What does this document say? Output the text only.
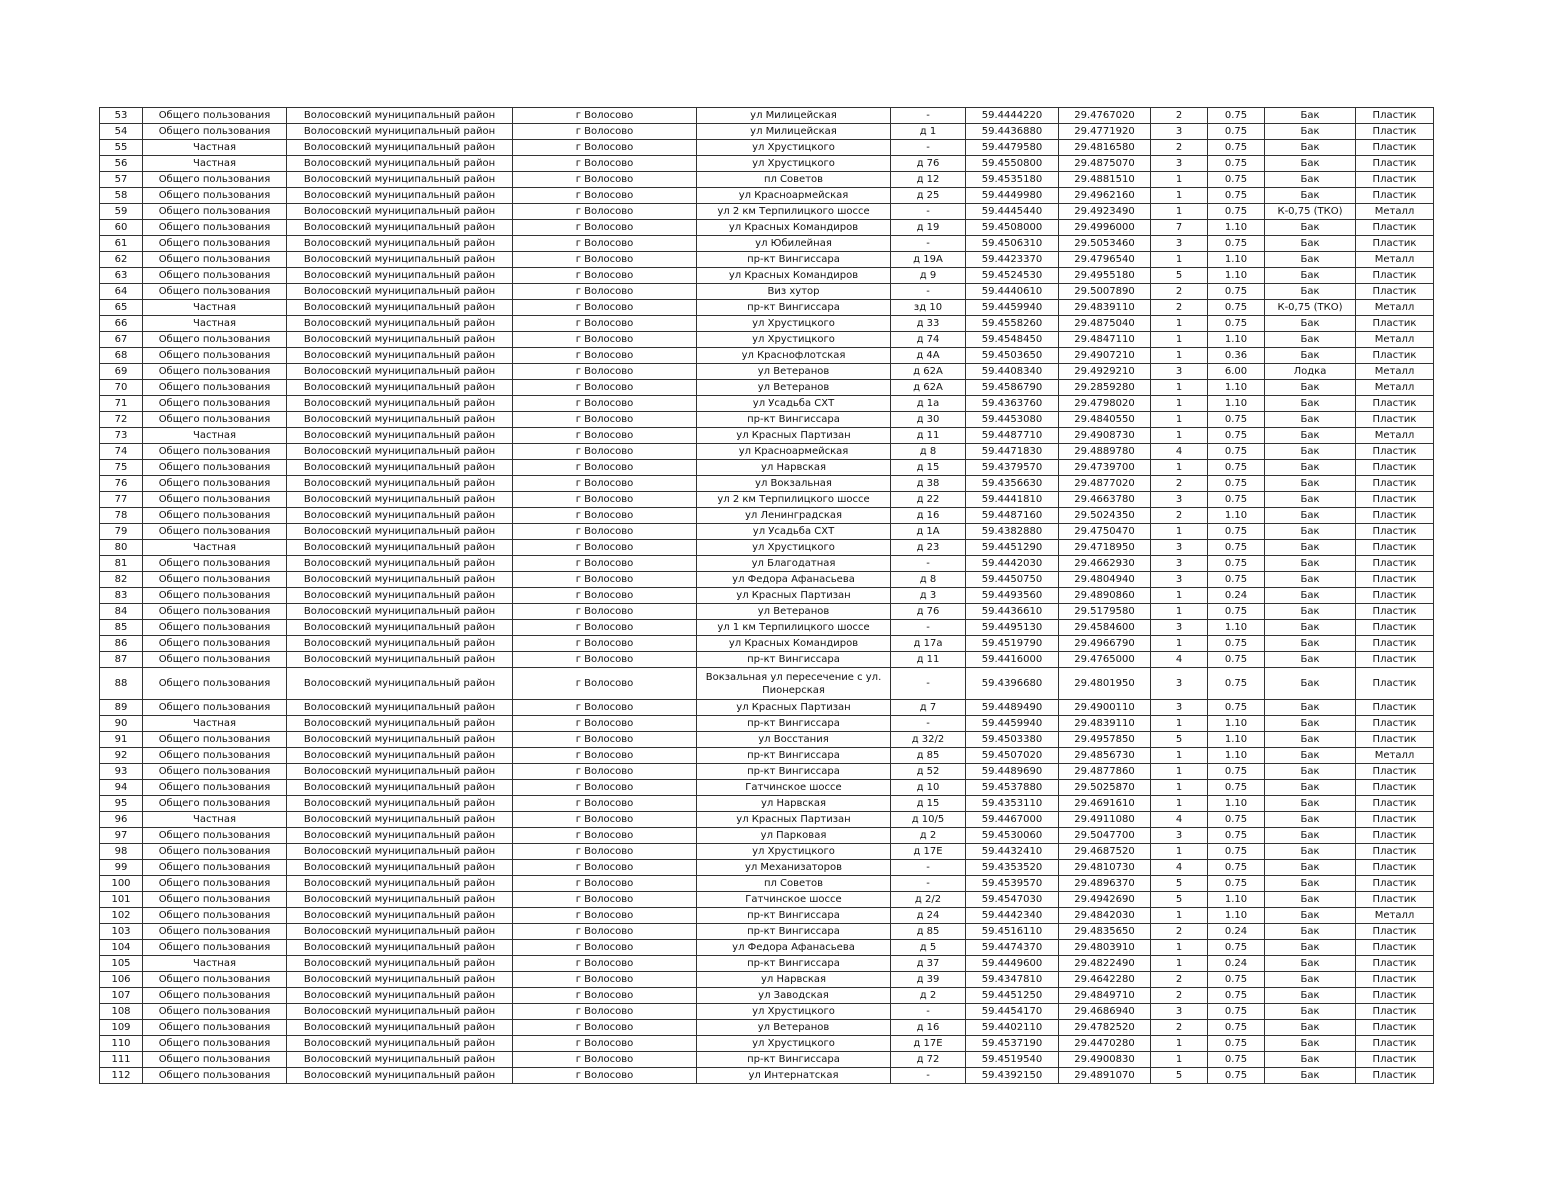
53	Общего пользования	Волосовский муниципальный район	г Волосово	ул Милицейская	-	59.4444220	29.4767020	2	0.75	Бак	Пластик
54	Общего пользования	Волосовский муниципальный район	г Волосово	ул Милицейская	д 1	59.4436880	29.4771920	3	0.75	Бак	Пластик
55	Частная	Волосовский муниципальный район	г Волосово	ул Хрустицкого	-	59.4479580	29.4816580	2	0.75	Бак	Пластик
56	Частная	Волосовский муниципальный район	г Волосово	ул Хрустицкого	д 76	59.4550800	29.4875070	3	0.75	Бак	Пластик
57	Общего пользования	Волосовский муниципальный район	г Волосово	пл Советов	д 12	59.4535180	29.4881510	1	0.75	Бак	Пластик
58	Общего пользования	Волосовский муниципальный район	г Волосово	ул Красноармейская	д 25	59.4449980	29.4962160	1	0.75	Бак	Пластик
59	Общего пользования	Волосовский муниципальный район	г Волосово	ул 2 км Терпилицкого шоссе	-	59.4445440	29.4923490	1	0.75	К-0,75 (ТКО)	Металл
60	Общего пользования	Волосовский муниципальный район	г Волосово	ул Красных Командиров	д 19	59.4508000	29.4996000	7	1.10	Бак	Пластик
61	Общего пользования	Волосовский муниципальный район	г Волосово	ул Юбилейная	-	59.4506310	29.5053460	3	0.75	Бак	Пластик
62	Общего пользования	Волосовский муниципальный район	г Волосово	пр-кт Вингиссара	д 19А	59.4423370	29.4796540	1	1.10	Бак	Металл
63	Общего пользования	Волосовский муниципальный район	г Волосово	ул Красных Командиров	д 9	59.4524530	29.4955180	5	1.10	Бак	Пластик
64	Общего пользования	Волосовский муниципальный район	г Волосово	Виз хутор	-	59.4440610	29.5007890	2	0.75	Бак	Пластик
65	Частная	Волосовский муниципальный район	г Волосово	пр-кт Вингиссара	зд 10	59.4459940	29.4839110	2	0.75	К-0,75 (ТКО)	Металл
66	Частная	Волосовский муниципальный район	г Волосово	ул Хрустицкого	д 33	59.4558260	29.4875040	1	0.75	Бак	Пластик
67	Общего пользования	Волосовский муниципальный район	г Волосово	ул Хрустицкого	д 74	59.4548450	29.4847110	1	1.10	Бак	Металл
68	Общего пользования	Волосовский муниципальный район	г Волосово	ул Краснофлотская	д 4А	59.4503650	29.4907210	1	0.36	Бак	Пластик
69	Общего пользования	Волосовский муниципальный район	г Волосово	ул Ветеранов	д 62А	59.4408340	29.4929210	3	6.00	Лодка	Металл
70	Общего пользования	Волосовский муниципальный район	г Волосово	ул Ветеранов	д 62А	59.4586790	29.2859280	1	1.10	Бак	Металл
71	Общего пользования	Волосовский муниципальный район	г Волосово	ул Усадьба СХТ	д 1а	59.4363760	29.4798020	1	1.10	Бак	Пластик
72	Общего пользования	Волосовский муниципальный район	г Волосово	пр-кт Вингиссара	д 30	59.4453080	29.4840550	1	0.75	Бак	Пластик
73	Частная	Волосовский муниципальный район	г Волосово	ул Красных Партизан	д 11	59.4487710	29.4908730	1	0.75	Бак	Металл
74	Общего пользования	Волосовский муниципальный район	г Волосово	ул Красноармейская	д 8	59.4471830	29.4889780	4	0.75	Бак	Пластик
75	Общего пользования	Волосовский муниципальный район	г Волосово	ул Нарвская	д 15	59.4379570	29.4739700	1	0.75	Бак	Пластик
76	Общего пользования	Волосовский муниципальный район	г Волосово	ул Вокзальная	д 38	59.4356630	29.4877020	2	0.75	Бак	Пластик
77	Общего пользования	Волосовский муниципальный район	г Волосово	ул 2 км Терпилицкого шоссе	д 22	59.4441810	29.4663780	3	0.75	Бак	Пластик
78	Общего пользования	Волосовский муниципальный район	г Волосово	ул Ленинградская	д 16	59.4487160	29.5024350	2	1.10	Бак	Пластик
79	Общего пользования	Волосовский муниципальный район	г Волосово	ул Усадьба СХТ	д 1А	59.4382880	29.4750470	1	0.75	Бак	Пластик
80	Частная	Волосовский муниципальный район	г Волосово	ул Хрустицкого	д 23	59.4451290	29.4718950	3	0.75	Бак	Пластик
81	Общего пользования	Волосовский муниципальный район	г Волосово	ул Благодатная	-	59.4442030	29.4662930	3	0.75	Бак	Пластик
82	Общего пользования	Волосовский муниципальный район	г Волосово	ул Федора Афанасьева	д 8	59.4450750	29.4804940	3	0.75	Бак	Пластик
83	Общего пользования	Волосовский муниципальный район	г Волосово	ул Красных Партизан	д 3	59.4493560	29.4890860	1	0.24	Бак	Пластик
84	Общего пользования	Волосовский муниципальный район	г Волосово	ул Ветеранов	д 76	59.4436610	29.5179580	1	0.75	Бак	Пластик
85	Общего пользования	Волосовский муниципальный район	г Волосово	ул 1 км Терпилицкого шоссе	-	59.4495130	29.4584600	3	1.10	Бак	Пластик
86	Общего пользования	Волосовский муниципальный район	г Волосово	ул Красных Командиров	д 17а	59.4519790	29.4966790	1	0.75	Бак	Пластик
87	Общего пользования	Волосовский муниципальный район	г Волосово	пр-кт Вингиссара	д 11	59.4416000	29.4765000	4	0.75	Бак	Пластик
88	Общего пользования	Волосовский муниципальный район	г Волосово	Вокзальная ул пересечение с ул. Пионерская	-	59.4396680	29.4801950	3	0.75	Бак	Пластик
89	Общего пользования	Волосовский муниципальный район	г Волосово	ул Красных Партизан	д 7	59.4489490	29.4900110	3	0.75	Бак	Пластик
90	Частная	Волосовский муниципальный район	г Волосово	пр-кт Вингиссара	-	59.4459940	29.4839110	1	1.10	Бак	Пластик
91	Общего пользования	Волосовский муниципальный район	г Волосово	ул Восстания	д 32/2	59.4503380	29.4957850	5	1.10	Бак	Пластик
92	Общего пользования	Волосовский муниципальный район	г Волосово	пр-кт Вингиссара	д 85	59.4507020	29.4856730	1	1.10	Бак	Металл
93	Общего пользования	Волосовский муниципальный район	г Волосово	пр-кт Вингиссара	д 52	59.4489690	29.4877860	1	0.75	Бак	Пластик
94	Общего пользования	Волосовский муниципальный район	г Волосово	Гатчинское шоссе	д 10	59.4537880	29.5025870	1	0.75	Бак	Пластик
95	Общего пользования	Волосовский муниципальный район	г Волосово	ул Нарвская	д 15	59.4353110	29.4691610	1	1.10	Бак	Пластик
96	Частная	Волосовский муниципальный район	г Волосово	ул Красных Партизан	д 10/5	59.4467000	29.4911080	4	0.75	Бак	Пластик
97	Общего пользования	Волосовский муниципальный район	г Волосово	ул Парковая	д 2	59.4530060	29.5047700	3	0.75	Бак	Пластик
98	Общего пользования	Волосовский муниципальный район	г Волосово	ул Хрустицкого	д 17Е	59.4432410	29.4687520	1	0.75	Бак	Пластик
99	Общего пользования	Волосовский муниципальный район	г Волосово	ул Механизаторов	-	59.4353520	29.4810730	4	0.75	Бак	Пластик
100	Общего пользования	Волосовский муниципальный район	г Волосово	пл Советов	-	59.4539570	29.4896370	5	0.75	Бак	Пластик
101	Общего пользования	Волосовский муниципальный район	г Волосово	Гатчинское шоссе	д 2/2	59.4547030	29.4942690	5	1.10	Бак	Пластик
102	Общего пользования	Волосовский муниципальный район	г Волосово	пр-кт Вингиссара	д 24	59.4442340	29.4842030	1	1.10	Бак	Металл
103	Общего пользования	Волосовский муниципальный район	г Волосово	пр-кт Вингиссара	д 85	59.4516110	29.4835650	2	0.24	Бак	Пластик
104	Общего пользования	Волосовский муниципальный район	г Волосово	ул Федора Афанасьева	д 5	59.4474370	29.4803910	1	0.75	Бак	Пластик
105	Частная	Волосовский муниципальный район	г Волосово	пр-кт Вингиссара	д 37	59.4449600	29.4822490	1	0.24	Бак	Пластик
106	Общего пользования	Волосовский муниципальный район	г Волосово	ул Нарвская	д 39	59.4347810	29.4642280	2	0.75	Бак	Пластик
107	Общего пользования	Волосовский муниципальный район	г Волосово	ул Заводская	д 2	59.4451250	29.4849710	2	0.75	Бак	Пластик
108	Общего пользования	Волосовский муниципальный район	г Волосово	ул Хрустицкого	-	59.4454170	29.4686940	3	0.75	Бак	Пластик
109	Общего пользования	Волосовский муниципальный район	г Волосово	ул Ветеранов	д 16	59.4402110	29.4782520	2	0.75	Бак	Пластик
110	Общего пользования	Волосовский муниципальный район	г Волосово	ул Хрустицкого	д 17Е	59.4537190	29.4470280	1	0.75	Бак	Пластик
111	Общего пользования	Волосовский муниципальный район	г Волосово	пр-кт Вингиссара	д 72	59.4519540	29.4900830	1	0.75	Бак	Пластик
112	Общего пользования	Волосовский муниципальный район	г Волосово	ул Интернатская	-	59.4392150	29.4891070	5	0.75	Бак	Пластик
